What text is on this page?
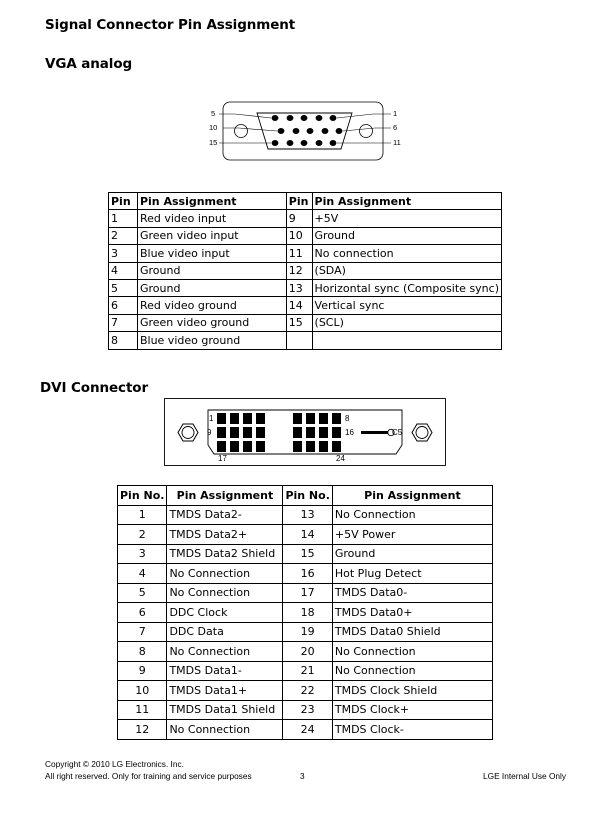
Signal Connector Pin Assignment
VGA analog
5
10
15
1
6
11
Pin	Pin Assignment	Pin	Pin Assignment
1	Red video input	9	+5V
2	Green video input	10	Ground
3	Blue video input	11	No connection
4	Ground	12	(SDA)
5	Ground	13	Horizontal sync (Composite sync)
6	Red video ground	14	Vertical sync
7	Green video ground	15	(SCL)
8	Blue video ground		
DVI Connector
1	8
9	16
17	24
C5
Pin No.	Pin Assignment	Pin No.	Pin Assignment
1	TMDS Data2-	13	No Connection
2	TMDS Data2+	14	+5V Power
3	TMDS Data2 Shield	15	Ground
4	No Connection	16	Hot Plug Detect
5	No Connection	17	TMDS Data0-
6	DDC Clock	18	TMDS Data0+
7	DDC Data	19	TMDS Data0 Shield
8	No Connection	20	No Connection
9	TMDS Data1-	21	No Connection
10	TMDS Data1+	22	TMDS Clock Shield
11	TMDS Data1 Shield	23	TMDS Clock+
12	No Connection	24	TMDS Clock-
Copyright © 2010 LG Electronics. Inc.
All right reserved. Only for training and service purposes	3	LGE Internal Use Only
